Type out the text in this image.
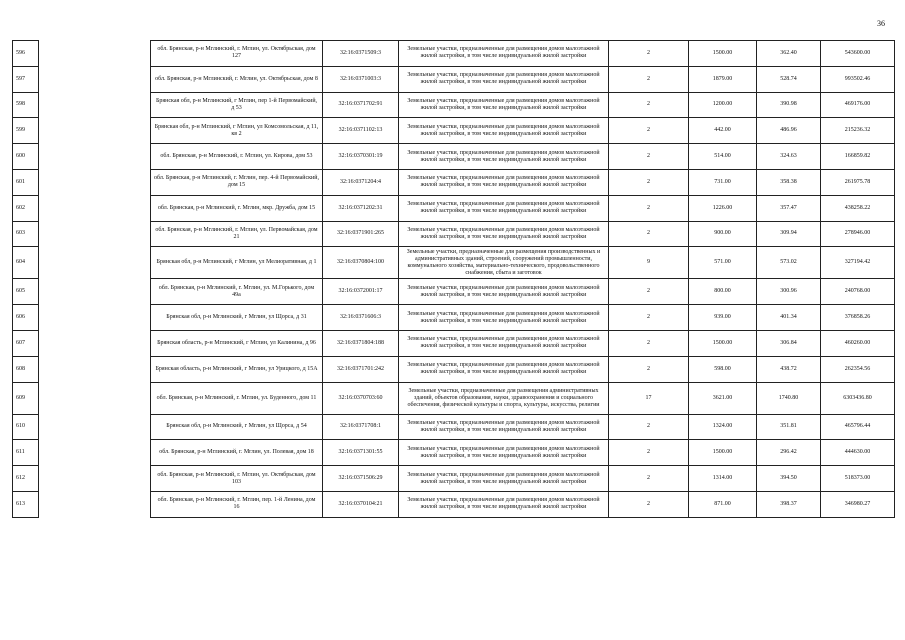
36
596		обл. Брянская, р-н Мглинский, г. Мглин, ул. Октябрьская, дом 127	32:16:0371509:3	Земельные участки, предназначенные для размещения домов малоэтажной жилой застройки, в том числе индивидуальной жилой застройки	2	1500.00	362.40	543600.00
597		обл. Брянская, р-н Мглинский, г. Мглин, ул. Октябрьская, дом 8	32:16:0371003:3	Земельные участки, предназначенные для размещения домов малоэтажной жилой застройки, в том числе индивидуальной жилой застройки	2	1879.00	528.74	993502.46
598		Брянская обл, р-н Мглинский, г Мглин, пер 1-й Первомайский, д 53	32:16:0371702:91	Земельные участки, предназначенные для размещения домов малоэтажной жилой застройки, в том числе индивидуальной жилой застройки	2	1200.00	390.98	469176.00
599		Брянская обл, р-н Мглинский, г Мглин, ул Комсомольская, д 11, кв 2	32:16:0371102:13	Земельные участки, предназначенные для размещения домов малоэтажной жилой застройки, в том числе индивидуальной жилой застройки	2	442.00	486.96	215236.32
600		обл. Брянская, р-н Мглинский, г. Мглин, ул. Кирова, дом 53	32:16:0370301:19	Земельные участки, предназначенные для размещения домов малоэтажной жилой застройки, в том числе индивидуальной жилой застройки	2	514.00	324.63	166859.82
601		обл. Брянская, р-н Мглинский, г. Мглин, пер. 4-й Первомайский, дом 15	32:16:0371204:4	Земельные участки, предназначенные для размещения домов малоэтажной жилой застройки, в том числе индивидуальной жилой застройки	2	731.00	358.38	261975.78
602		обл. Брянская, р-н Мглинский, г. Мглин, мкр. Дружба, дом 15	32:16:0371202:31	Земельные участки, предназначенные для размещения домов малоэтажной жилой застройки, в том числе индивидуальной жилой застройки	2	1226.00	357.47	438258.22
603		обл. Брянская, р-н Мглинский, г. Мглин, ул. Первомайская, дом 21	32:16:0371901:265	Земельные участки, предназначенные для размещения домов малоэтажной жилой застройки, в том числе индивидуальной жилой застройки	2	900.00	309.94	278946.00
604		Брянская обл, р-н Мглинский, г Мглин, ул Мелиоративная, д 1	32:16:0370804:100	Земельные участки, предназначенные для размещения производственных и административных зданий, строений, сооружений промышленности, коммунального хозяйства, материально-технического, продовольственного снабжения, сбыта и заготовок	9	571.00	573.02	327194.42
605		обл. Брянская, р-н Мглинский, г. Мглин, ул. М.Горького, дом 49а	32:16:0372001:17	Земельные участки, предназначенные для размещения домов малоэтажной жилой застройки, в том числе индивидуальной жилой застройки	2	800.00	300.96	240768.00
606		Брянская обл, р-н Мглинский, г Мглин, ул Щорса, д 31	32:16:0371606:3	Земельные участки, предназначенные для размещения домов малоэтажной жилой застройки, в том числе индивидуальной жилой застройки	2	939.00	401.34	376858.26
607		Брянская область, р-н Мглинский, г Мглин, ул Калинина, д 96	32:16:0371804:188	Земельные участки, предназначенные для размещения домов малоэтажной жилой застройки, в том числе индивидуальной жилой застройки	2	1500.00	306.84	460260.00
608		Брянская область, р-н Мглинский, г Мглин, ул Урицкого, д 15А	32:16:0371701:242	Земельные участки, предназначенные для размещения домов малоэтажной жилой застройки, в том числе индивидуальной жилой застройки	2	598.00	438.72	262354.56
609		обл. Брянская, р-н Мглинский, г. Мглин, ул. Буденного, дом 11	32:16:0370703:60	Земельные участки, предназначенные для размещения административных зданий, объектов образования, науки, здравоохранения и социального обеспечения, физической культуры и спорта, культуры, искусства, религии	17	3621.00	1740.80	6303436.80
610		Брянская обл, р-н Мглинский, г Мглин, ул Щорса, д 54	32:16:0371708:1	Земельные участки, предназначенные для размещения домов малоэтажной жилой застройки, в том числе индивидуальной жилой застройки	2	1324.00	351.81	465796.44
611		обл. Брянская, р-н Мглинский, г. Мглин, ул. Полевая, дом 18	32:16:0371301:55	Земельные участки, предназначенные для размещения домов малоэтажной жилой застройки, в том числе индивидуальной жилой застройки	2	1500.00	296.42	444630.00
612		обл. Брянская, р-н Мглинский, г. Мглин, ул. Октябрьская, дом 103	32:16:0371506:29	Земельные участки, предназначенные для размещения домов малоэтажной жилой застройки, в том числе индивидуальной жилой застройки	2	1314.00	394.50	518373.00
613		обл. Брянская, р-н Мглинский, г. Мглин, пер. 1-й Ленина, дом 16	32:16:0370104:21	Земельные участки, предназначенные для размещения домов малоэтажной жилой застройки, в том числе индивидуальной жилой застройки	2	871.00	398.37	346980.27
